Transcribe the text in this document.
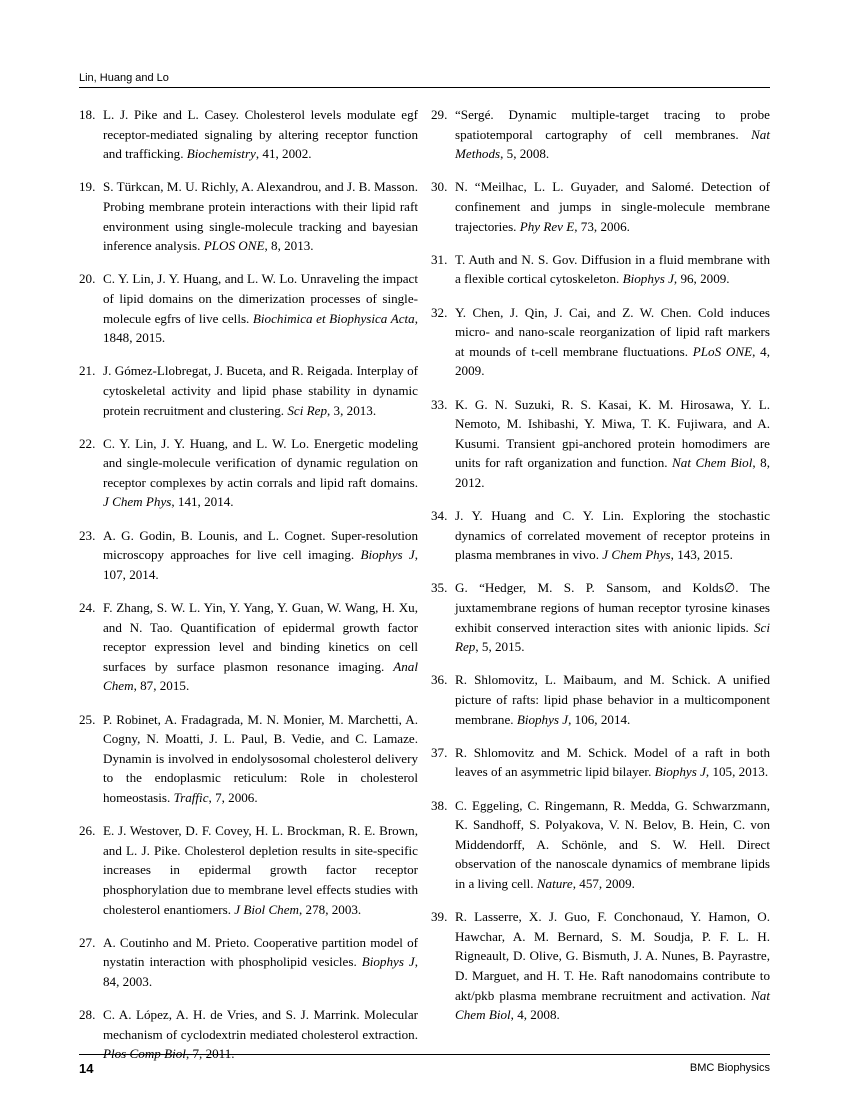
Lin, Huang and Lo
18. L. J. Pike and L. Casey. Cholesterol levels modulate egf receptor-mediated signaling by altering receptor function and trafficking. Biochemistry, 41, 2002.
19. S. Türkcan, M. U. Richly, A. Alexandrou, and J. B. Masson. Probing membrane protein interactions with their lipid raft environment using single-molecule tracking and bayesian inference analysis. PLOS ONE, 8, 2013.
20. C. Y. Lin, J. Y. Huang, and L. W. Lo. Unraveling the impact of lipid domains on the dimerization processes of single-molecule egfrs of live cells. Biochimica et Biophysica Acta, 1848, 2015.
21. J. Gómez-Llobregat, J. Buceta, and R. Reigada. Interplay of cytoskeletal activity and lipid phase stability in dynamic protein recruitment and clustering. Sci Rep, 3, 2013.
22. C. Y. Lin, J. Y. Huang, and L. W. Lo. Energetic modeling and single-molecule verification of dynamic regulation on receptor complexes by actin corrals and lipid raft domains. J Chem Phys, 141, 2014.
23. A. G. Godin, B. Lounis, and L. Cognet. Super-resolution microscopy approaches for live cell imaging. Biophys J, 107, 2014.
24. F. Zhang, S. W. L. Yin, Y. Yang, Y. Guan, W. Wang, H. Xu, and N. Tao. Quantification of epidermal growth factor receptor expression level and binding kinetics on cell surfaces by surface plasmon resonance imaging. Anal Chem, 87, 2015.
25. P. Robinet, A. Fradagrada, M. N. Monier, M. Marchetti, A. Cogny, N. Moatti, J. L. Paul, B. Vedie, and C. Lamaze. Dynamin is involved in endolysosomal cholesterol delivery to the endoplasmic reticulum: Role in cholesterol homeostasis. Traffic, 7, 2006.
26. E. J. Westover, D. F. Covey, H. L. Brockman, R. E. Brown, and L. J. Pike. Cholesterol depletion results in site-specific increases in epidermal growth factor receptor phosphorylation due to membrane level effects studies with cholesterol enantiomers. J Biol Chem, 278, 2003.
27. A. Coutinho and M. Prieto. Cooperative partition model of nystatin interaction with phospholipid vesicles. Biophys J, 84, 2003.
28. C. A. López, A. H. de Vries, and S. J. Marrink. Molecular mechanism of cyclodextrin mediated cholesterol extraction. Plos Comp Biol, 7, 2011.
29. “Sergé. Dynamic multiple-target tracing to probe spatiotemporal cartography of cell membranes. Nat Methods, 5, 2008.
30. N. “Meilhac, L. L. Guyader, and Salomé. Detection of confinement and jumps in single-molecule membrane trajectories. Phy Rev E, 73, 2006.
31. T. Auth and N. S. Gov. Diffusion in a fluid membrane with a flexible cortical cytoskeleton. Biophys J, 96, 2009.
32. Y. Chen, J. Qin, J. Cai, and Z. W. Chen. Cold induces micro- and nano-scale reorganization of lipid raft markers at mounds of t-cell membrane fluctuations. PLoS ONE, 4, 2009.
33. K. G. N. Suzuki, R. S. Kasai, K. M. Hirosawa, Y. L. Nemoto, M. Ishibashi, Y. Miwa, T. K. Fujiwara, and A. Kusumi. Transient gpi-anchored protein homodimers are units for raft organization and function. Nat Chem Biol, 8, 2012.
34. J. Y. Huang and C. Y. Lin. Exploring the stochastic dynamics of correlated movement of receptor proteins in plasma membranes in vivo. J Chem Phys, 143, 2015.
35. G. “Hedger, M. S. P. Sansom, and Kolds∅. The juxtamembrane regions of human receptor tyrosine kinases exhibit conserved interaction sites with anionic lipids. Sci Rep, 5, 2015.
36. R. Shlomovitz, L. Maibaum, and M. Schick. A unified picture of rafts: lipid phase behavior in a multicomponent membrane. Biophys J, 106, 2014.
37. R. Shlomovitz and M. Schick. Model of a raft in both leaves of an asymmetric lipid bilayer. Biophys J, 105, 2013.
38. C. Eggeling, C. Ringemann, R. Medda, G. Schwarzmann, K. Sandhoff, S. Polyakova, V. N. Belov, B. Hein, C. von Middendorff, A. Schönle, and S. W. Hell. Direct observation of the nanoscale dynamics of membrane lipids in a living cell. Nature, 457, 2009.
39. R. Lasserre, X. J. Guo, F. Conchonaud, Y. Hamon, O. Hawchar, A. M. Bernard, S. M. Soudja, P. F. L. H. Rigneault, D. Olive, G. Bismuth, J. A. Nunes, B. Payrastre, D. Marguet, and H. T. He. Raft nanodomains contribute to akt/pkb plasma membrane recruitment and activation. Nat Chem Biol, 4, 2008.
14	BMC Biophysics
